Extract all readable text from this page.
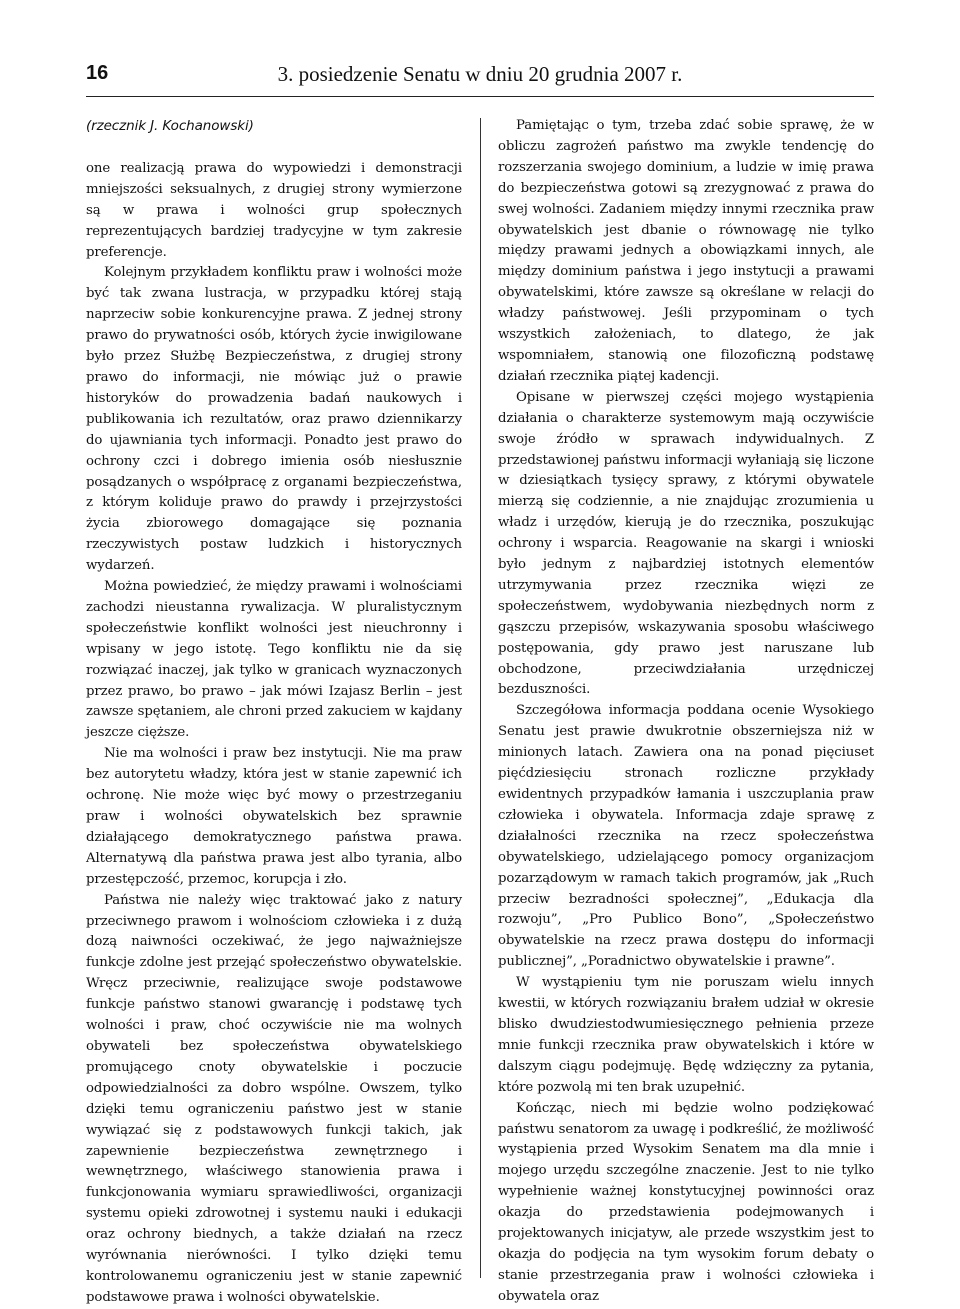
16	3. posiedzenie Senatu w dniu 20 grudnia 2007 r.
(rzecznik J. Kochanowski)

one realizacją prawa do wypowiedzi i demonstracji mniejszości seksualnych, z drugiej strony wymierzone są w prawa i wolności grup społecznych reprezentujących bardziej tradycyjne w tym zakresie preferencje.

Kolejnym przykładem konfliktu praw i wolności może być tak zwana lustracja, w przypadku której stają naprzeciw sobie konkurencyjne prawa. Z jednej strony prawo do prywatności osób, których życie inwigilowane było przez Służbę Bezpieczeństwa, z drugiej strony prawo do informacji, nie mówiąc już o prawie historyków do prowadzenia badań naukowych i publikowania ich rezultatów, oraz prawo dziennikarzy do ujawniania tych informacji. Ponadto jest prawo do ochrony czci i dobrego imienia osób niesłusznie posądzanych o współpracę z organami bezpieczeństwa, z którym koliduje prawo do prawdy i przejrzystości życia zbiorowego domagające się poznania rzeczywistych postaw ludzkich i historycznych wydarzeń.

Można powiedzieć, że między prawami i wolnościami zachodzi nieustanna rywalizacja. W pluralistycznym społeczeństwie konflikt wolności jest nieuchronny i wpisany w jego istotę. Tego konfliktu nie da się rozwiązać inaczej, jak tylko w granicach wyznaczonych przez prawo, bo prawo – jak mówi Izajasz Berlin – jest zawsze spętaniem, ale chroni przed zakuciem w kajdany jeszcze cięższe.

Nie ma wolności i praw bez instytucji. Nie ma praw bez autorytetu władzy, która jest w stanie zapewnić ich ochronę. Nie może więc być mowy o przestrzeganiu praw i wolności obywatelskich bez sprawnie działającego demokratycznego państwa prawa. Alternatywą dla państwa prawa jest albo tyrania, albo przestępczość, przemoc, korupcja i zło.

Państwa nie należy więc traktować jako z natury przeciwnego prawom i wolnościom człowieka i z dużą dozą naiwności oczekiwać, że jego najważniejsze funkcje zdolne jest przejąć społeczeństwo obywatelskie. Wręcz przeciwnie, realizujące swoje podstawowe funkcje państwo stanowi gwarancję i podstawę tych wolności i praw, choć oczywiście nie ma wolnych obywateli bez społeczeństwa obywatelskiego promującego cnoty obywatelskie i poczucie odpowiedzialności za dobro wspólne. Owszem, tylko dzięki temu ograniczeniu państwo jest w stanie wywiązać się z podstawowych funkcji takich, jak zapewnienie bezpieczeństwa zewnętrznego i wewnętrznego, właściwego stanowienia prawa i funkcjonowania wymiaru sprawiedliwości, organizacji systemu opieki zdrowotnej i systemu nauki i edukacji oraz ochrony biednych, a także działań na rzecz wyrównania nierówności. I tylko dzięki temu kontrolowanemu ograniczeniu jest w stanie zapewnić podstawowe prawa i wolności obywatelskie.

Pamiętając o tym, trzeba zdać sobie sprawę, że w obliczu zagrożeń państwo ma zwykle tendencję do rozszerzania swojego dominium, a ludzie w imię prawa do bezpieczeństwa gotowi są zrezygnować z prawa do swej wolności. Zadaniem między innymi rzecznika praw obywatelskich jest dbanie o równowagę nie tylko między prawami jednych a obowiązkami innych, ale między dominium państwa i jego instytucji a prawami obywatelskimi, które zawsze są określane w relacji do władzy państwowej. Jeśli przypominam o tych wszystkich założeniach, to dlatego, że jak wspomniałem, stanowią one filozoficzną podstawę działań rzecznika piątej kadencji.

Opisane w pierwszej części mojego wystąpienia działania o charakterze systemowym mają oczywiście swoje źródło w sprawach indywidualnych. Z przedstawionej państwu informacji wyłaniają się liczone w dziesiątkach tysięcy sprawy, z którymi obywatele mierzą się codziennie, a nie znajdując zrozumienia u władz i urzędów, kierują je do rzecznika, poszukując ochrony i wsparcia. Reagowanie na skargi i wnioski było jednym z najbardziej istotnych elementów utrzymywania przez rzecznika więzi ze społeczeństwem, wydobywania niezbędnych norm z gąszczu przepisów, wskazywania sposobu właściwego postępowania, gdy prawo jest naruszane lub obchodzone, przeciwdziałania urzędniczej bezduszności.

Szczegółowa informacja poddana ocenie Wysokiego Senatu jest prawie dwukrotnie obszerniejsza niż w minionych latach. Zawiera ona na ponad pięciuset pięćdziesięciu stronach rozliczne przykłady ewidentnych przypadków łamania i uszczuplania praw człowieka i obywatela. Informacja zdaje sprawę z działalności rzecznika na rzecz społeczeństwa obywatelskiego, udzielającego pomocy organizacjom pozarządowym w ramach takich programów, jak „Ruch przeciw bezradności społecznej”, „Edukacja dla rozwoju”, „Pro Publico Bono”, „Społeczeństwo obywatelskie na rzecz prawa dostępu do informacji publicznej”, „Poradnictwo obywatelskie i prawne”.

W wystąpieniu tym nie poruszam wielu innych kwestii, w których rozwiązaniu brałem udział w okresie blisko dwudziestodwumiesięcznego pełnienia przeze mnie funkcji rzecznika praw obywatelskich i które w dalszym ciągu podejmuję. Będę wdzięczny za pytania, które pozwolą mi ten brak uzupełnić.

Kończąc, niech mi będzie wolno podziękować państwu senatorom za uwagę i podkreślić, że możliwość wystąpienia przed Wysokim Senatem ma dla mnie i mojego urzędu szczególne znaczenie. Jest to nie tylko wypełnienie ważnej konstytucyjnej powinności oraz okazja do przedstawienia podejmowanych i projektowanych inicjatyw, ale przede wszystkim jest to okazja do podjęcia na tym wysokim forum debaty o stanie przestrzegania praw i wolności człowieka i obywatela oraz
